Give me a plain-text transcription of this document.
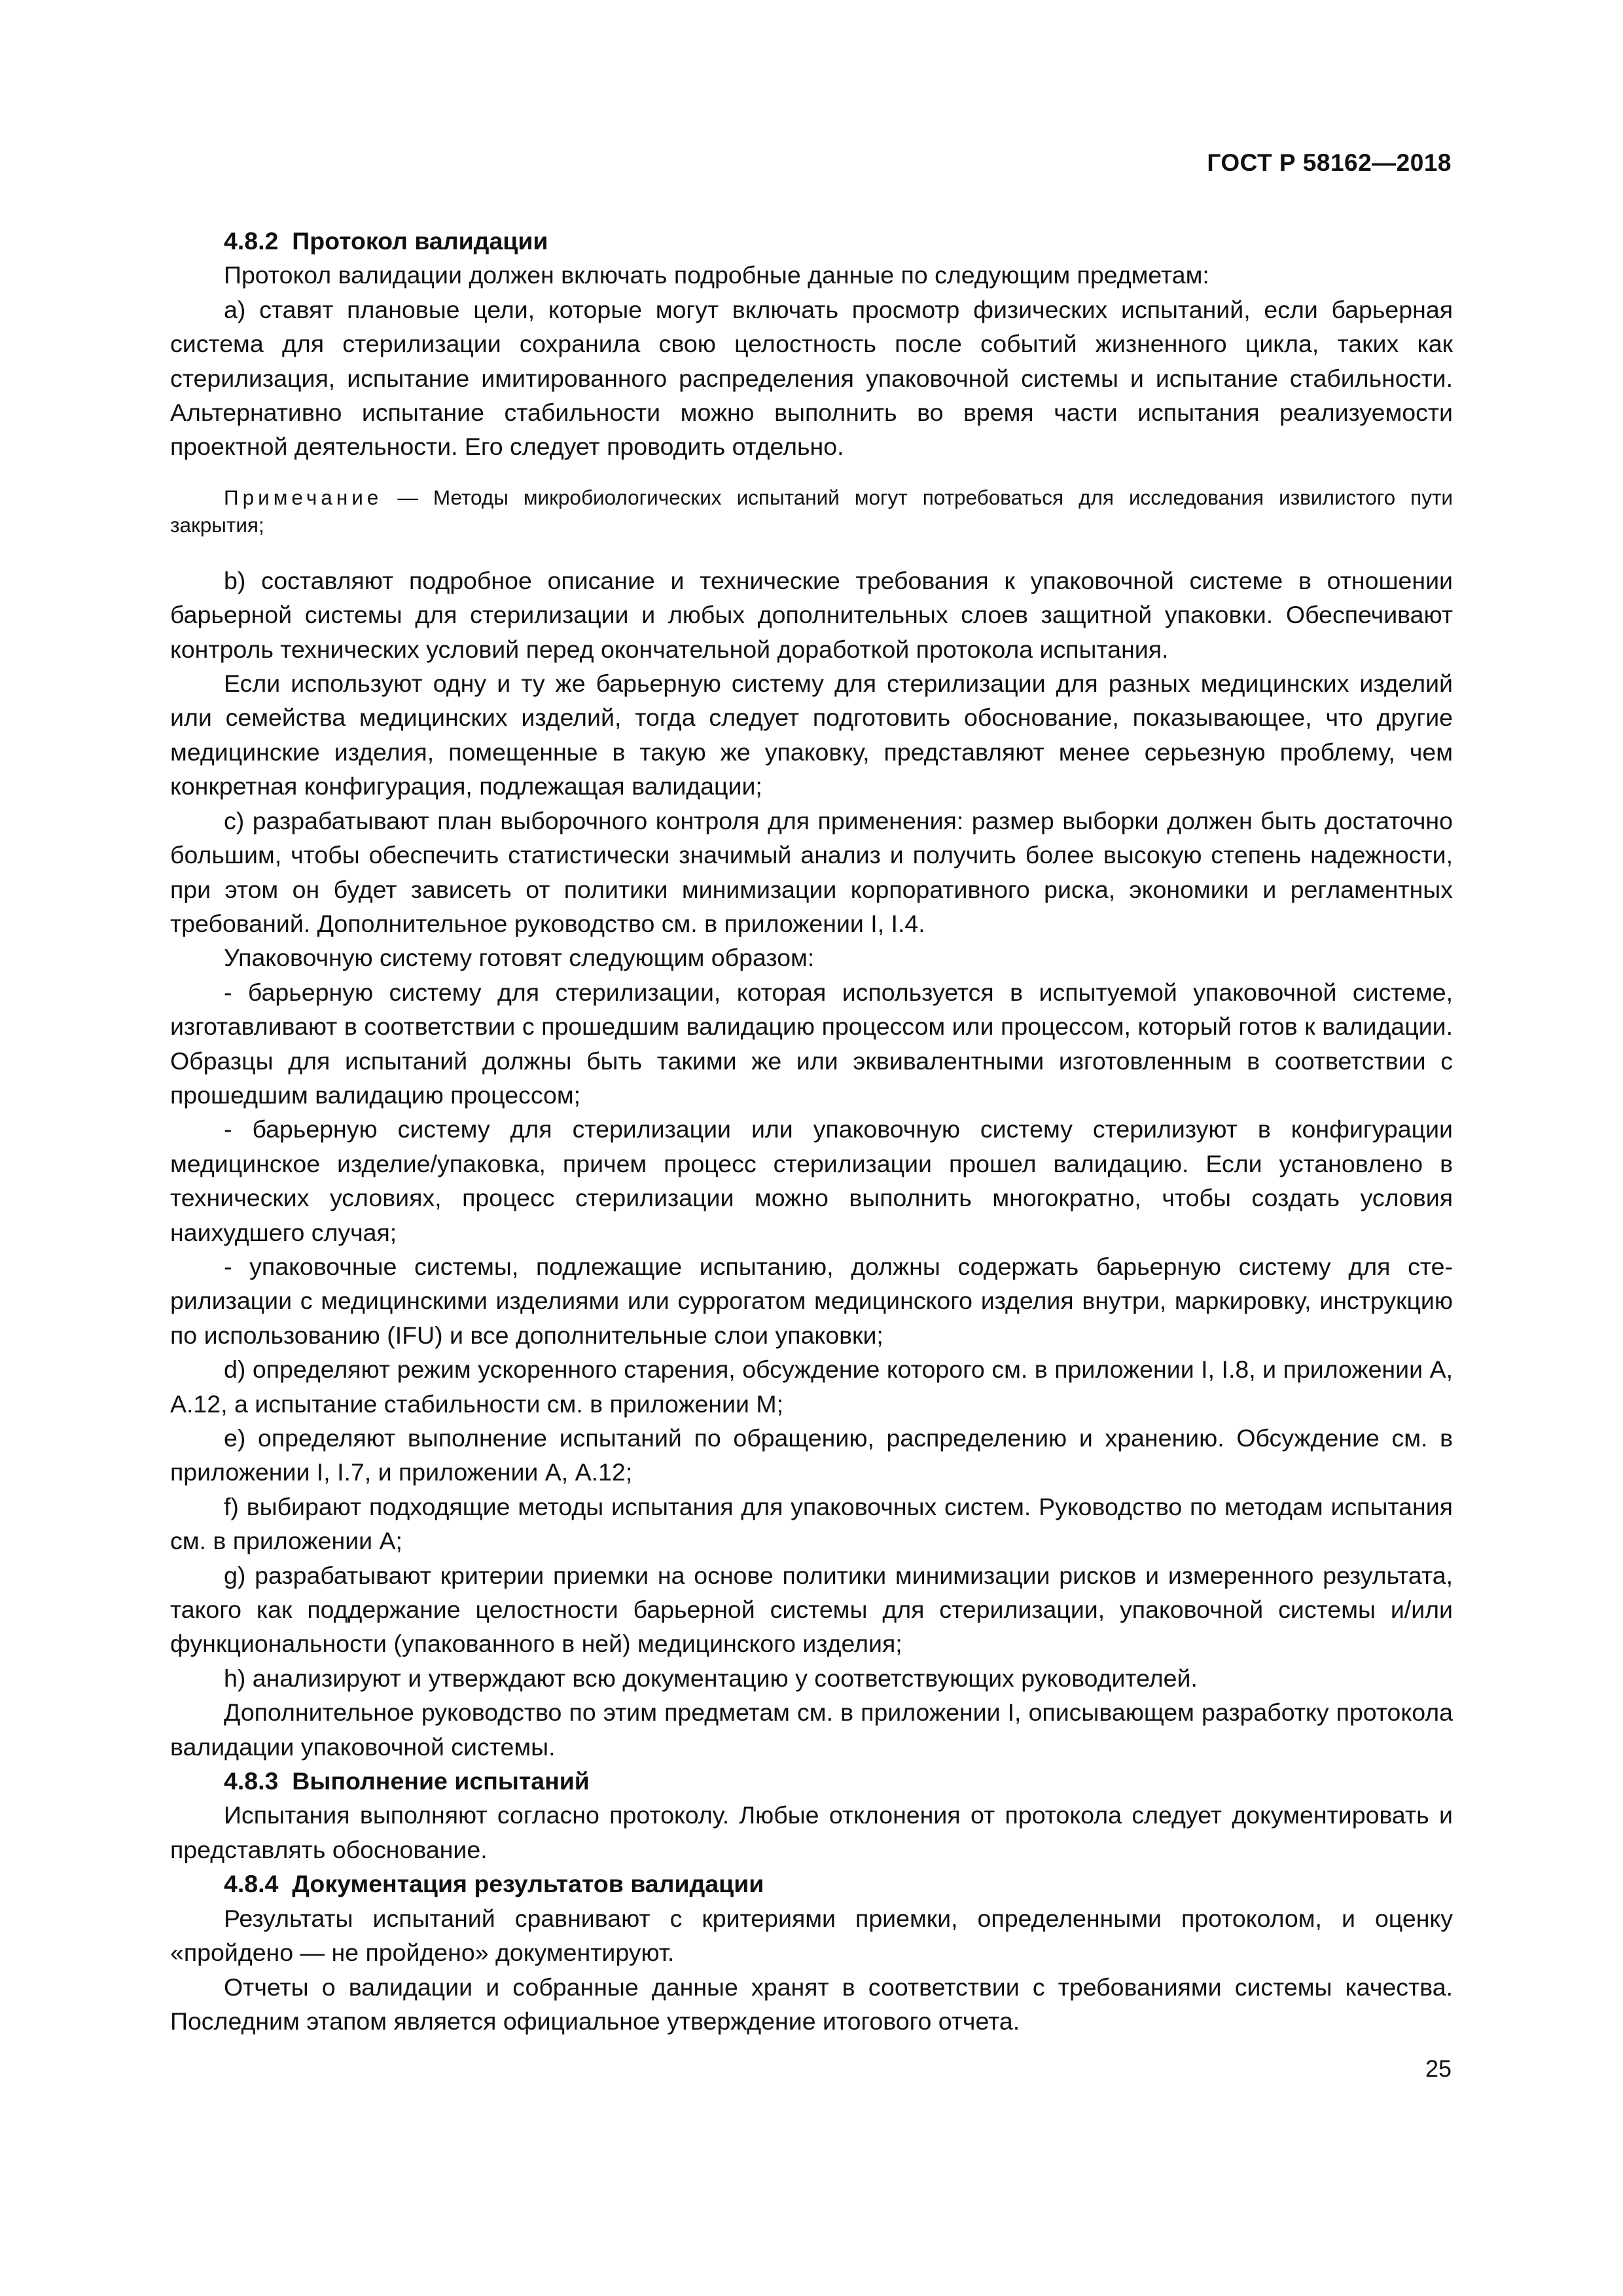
ГОСТ Р 58162—2018

4.8.2 Протокол валидации

Протокол валидации должен включать подробные данные по следующим предметам:

а) ставят плановые цели, которые могут включать просмотр физических испытаний, если барьерная система для стерилизации сохранила свою целостность после событий жизненного цикла, таких как стерилизация, испытание имитированного распределения упаковочной системы и испытание стабильности. Альтернативно испытание стабильности можно выполнить во время части испытания реализуемости проектной деятельности. Его следует проводить отдельно.

Примечание — Методы микробиологических испытаний могут потребоваться для исследования извилистого пути закрытия;

b) составляют подробное описание и технические требования к упаковочной системе в отношении барьерной системы для стерилизации и любых дополнительных слоев защитной упаковки. Обеспечивают контроль технических условий перед окончательной доработкой протокола испытания.

Если используют одну и ту же барьерную систему для стерилизации для разных медицинских изделий или семейства медицинских изделий, тогда следует подготовить обоснование, показывающее, что другие медицинские изделия, помещенные в такую же упаковку, представляют менее серьезную проблему, чем конкретная конфигурация, подлежащая валидации;

с) разрабатывают план выборочного контроля для применения: размер выборки должен быть достаточно большим, чтобы обеспечить статистически значимый анализ и получить более высокую степень надежности, при этом он будет зависеть от политики минимизации корпоративного риска, экономики и регламентных требований. Дополнительное руководство см. в приложении I, I.4.

Упаковочную систему готовят следующим образом:

- барьерную систему для стерилизации, которая используется в испытуемой упаковочной системе, изготавливают в соответствии с прошедшим валидацию процессом или процессом, который готов к валидации. Образцы для испытаний должны быть такими же или эквивалентными изготовленным в соответствии с прошедшим валидацию процессом;

- барьерную систему для стерилизации или упаковочную систему стерилизуют в конфигурации медицинское изделие/упаковка, причем процесс стерилизации прошел валидацию. Если установлено в технических условиях, процесс стерилизации можно выполнить многократно, чтобы создать условия наихудшего случая;

- упаковочные системы, подлежащие испытанию, должны содержать барьерную систему для стерилизации с медицинскими изделиями или суррогатом медицинского изделия внутри, маркировку, инструкцию по использованию (IFU) и все дополнительные слои упаковки;

d) определяют режим ускоренного старения, обсуждение которого см. в приложении I, I.8, и приложении А, А.12, а испытание стабильности см. в приложении М;

е) определяют выполнение испытаний по обращению, распределению и хранению. Обсуждение см. в приложении I, I.7, и приложении А, А.12;

f) выбирают подходящие методы испытания для упаковочных систем. Руководство по методам испытания см. в приложении А;

g) разрабатывают критерии приемки на основе политики минимизации рисков и измеренного результата, такого как поддержание целостности барьерной системы для стерилизации, упаковочной системы и/или функциональности (упакованного в ней) медицинского изделия;

h) анализируют и утверждают всю документацию у соответствующих руководителей.

Дополнительное руководство по этим предметам см. в приложении I, описывающем разработку протокола валидации упаковочной системы.

4.8.3 Выполнение испытаний

Испытания выполняют согласно протоколу. Любые отклонения от протокола следует документировать и представлять обоснование.

4.8.4 Документация результатов валидации

Результаты испытаний сравнивают с критериями приемки, определенными протоколом, и оценку «пройдено — не пройдено» документируют.

Отчеты о валидации и собранные данные хранят в соответствии с требованиями системы качества. Последним этапом является официальное утверждение итогового отчета.

25
